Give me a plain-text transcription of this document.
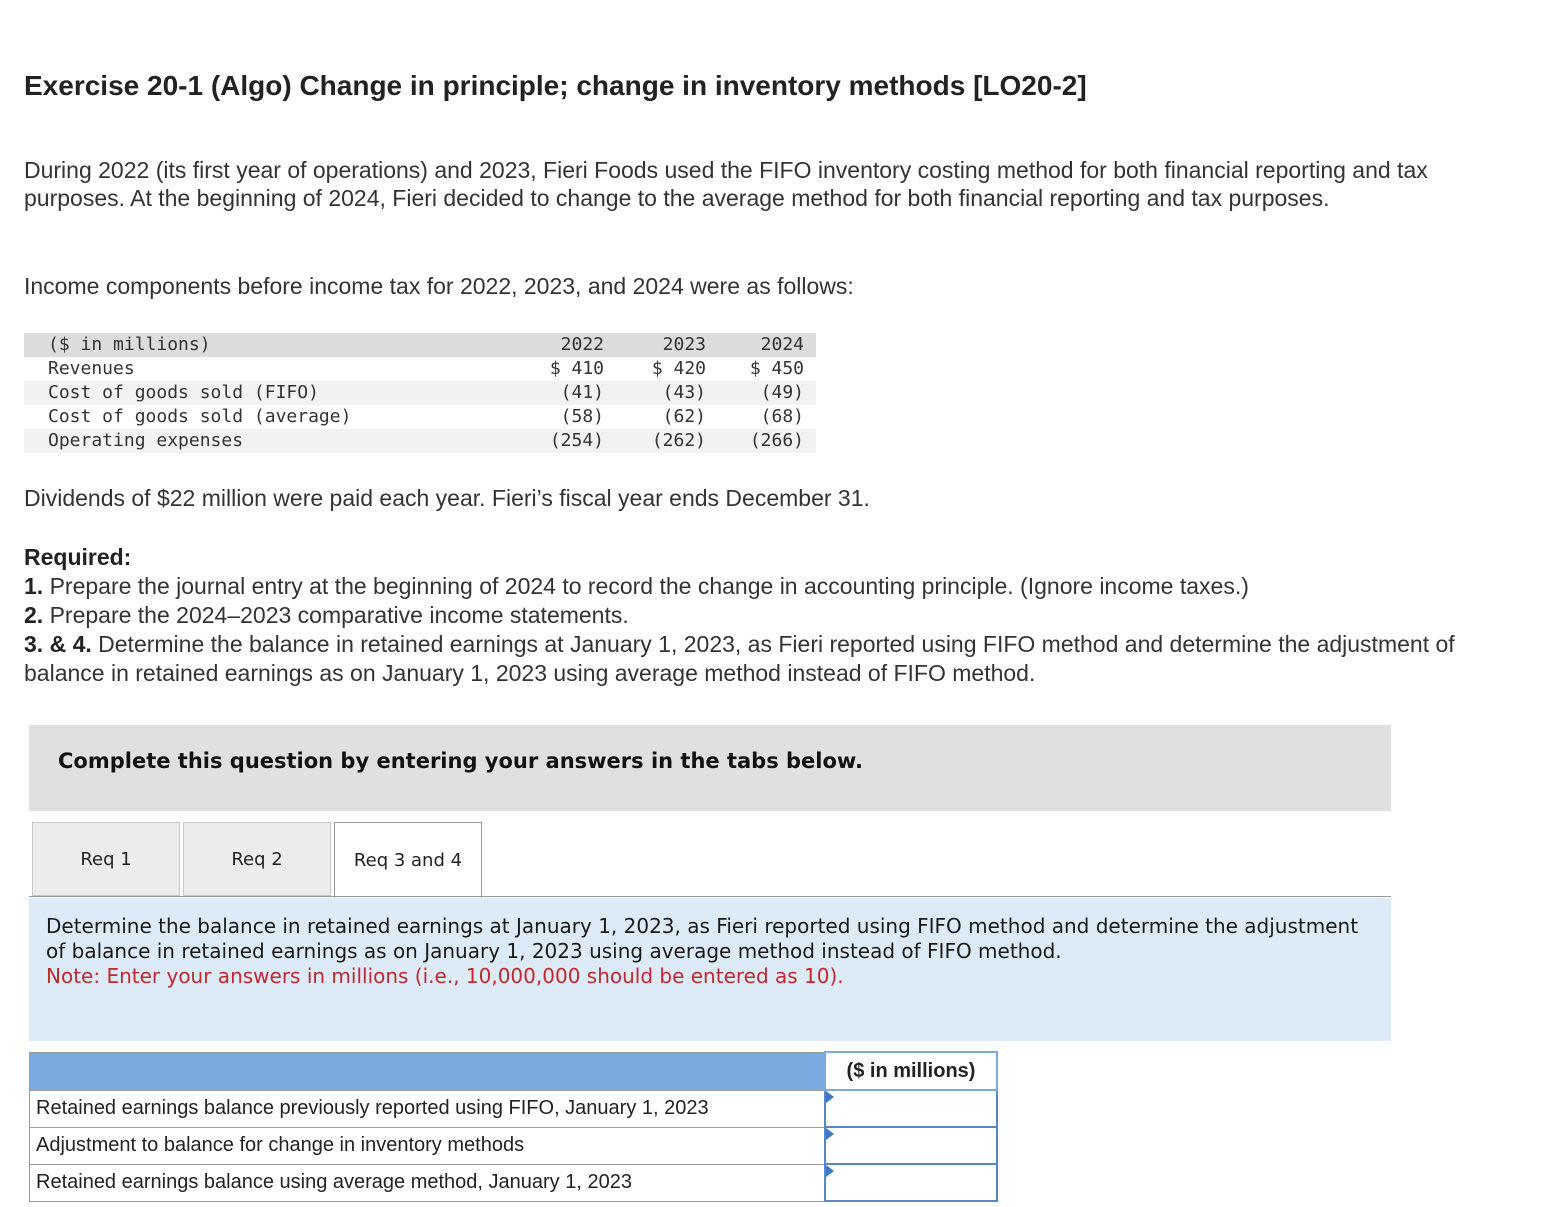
Exercise 20-1 (Algo) Change in principle; change in inventory methods [LO20-2]

During 2022 (its first year of operations) and 2023, Fieri Foods used the FIFO inventory costing method for both financial reporting and tax purposes. At the beginning of 2024, Fieri decided to change to the average method for both financial reporting and tax purposes.

Income components before income tax for 2022, 2023, and 2024 were as follows:

($ in millions)	2022	2023	2024	
Revenues	$ 410	$ 420	$ 450	
Cost of goods sold (FIFO)	(41)	(43)	(49)	
Cost of goods sold (average)	(58)	(62)	(68)	
Operating expenses	(254)	(262)	(266)	

Dividends of $22 million were paid each year. Fieri’s fiscal year ends December 31.

Required:
1. Prepare the journal entry at the beginning of 2024 to record the change in accounting principle. (Ignore income taxes.)
2. Prepare the 2024–2023 comparative income statements.
3. & 4. Determine the balance in retained earnings at January 1, 2023, as Fieri reported using FIFO method and determine the adjustment of balance in retained earnings as on January 1, 2023 using average method instead of FIFO method.
Complete this question by entering your answers in the tabs below.
Req 1	Req 2	Req 3 and 4

Determine the balance in retained earnings at January 1, 2023, as Fieri reported using FIFO method and determine the adjustment of balance in retained earnings as on January 1, 2023 using average method instead of FIFO method.
Note: Enter your answers in millions (i.e., 10,000,000 should be entered as 10).

	($ in millions)
Retained earnings balance previously reported using FIFO, January 1, 2023	
Adjustment to balance for change in inventory methods	
Retained earnings balance using average method, January 1, 2023	
